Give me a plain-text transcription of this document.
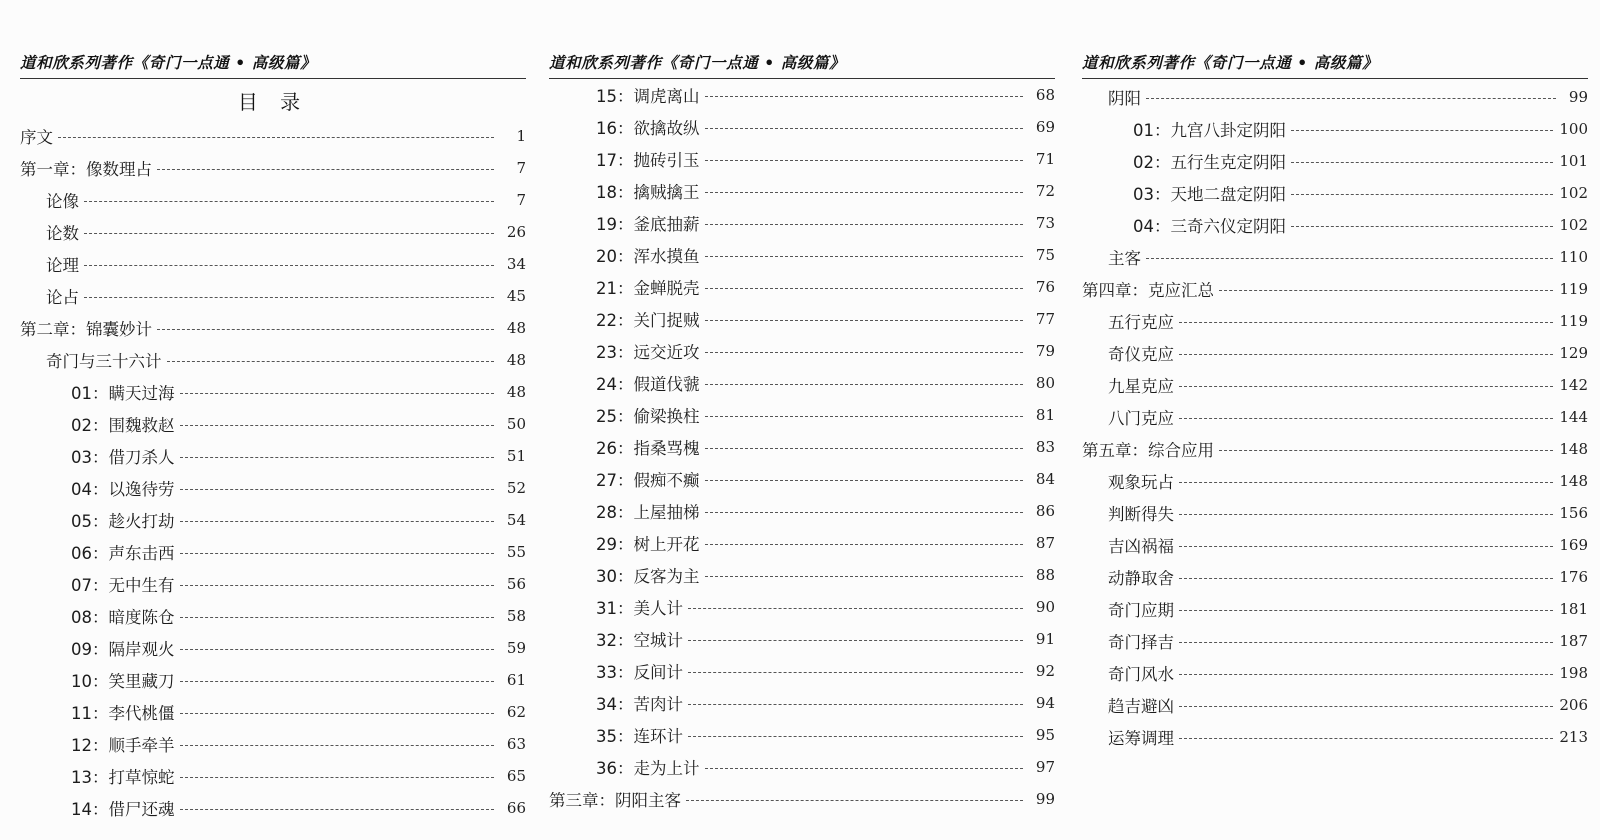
道和欣系列著作《奇门一点通 • 高级篇》
目 录
序文	1
第一章：像数理占	7
论像	7
论数	26
论理	34
论占	45
第二章：锦囊妙计	48
奇门与三十六计	48
01：瞒天过海	48
02：围魏救赵	50
03：借刀杀人	51
04：以逸待劳	52
05：趁火打劫	54
06：声东击西	55
07：无中生有	56
08：暗度陈仓	58
09：隔岸观火	59
10：笑里藏刀	61
11：李代桃僵	62
12：顺手牵羊	63
13：打草惊蛇	65
14：借尸还魂	66
道和欣系列著作《奇门一点通 • 高级篇》
15：调虎离山	68
16：欲擒故纵	69
17：抛砖引玉	71
18：擒贼擒王	72
19：釜底抽薪	73
20：浑水摸鱼	75
21：金蝉脱壳	76
22：关门捉贼	77
23：远交近攻	79
24：假道伐虢	80
25：偷梁换柱	81
26：指桑骂槐	83
27：假痴不癫	84
28：上屋抽梯	86
29：树上开花	87
30：反客为主	88
31：美人计	90
32：空城计	91
33：反间计	92
34：苦肉计	94
35：连环计	95
36：走为上计	97
第三章：阴阳主客	99
道和欣系列著作《奇门一点通 • 高级篇》
阴阳	99
01：九宫八卦定阴阳	100
02：五行生克定阴阳	101
03：天地二盘定阴阳	102
04：三奇六仪定阴阳	102
主客	110
第四章：克应汇总	119
五行克应	119
奇仪克应	129
九星克应	142
八门克应	144
第五章：综合应用	148
观象玩占	148
判断得失	156
吉凶祸福	169
动静取舍	176
奇门应期	181
奇门择吉	187
奇门风水	198
趋吉避凶	206
运筹调理	213
